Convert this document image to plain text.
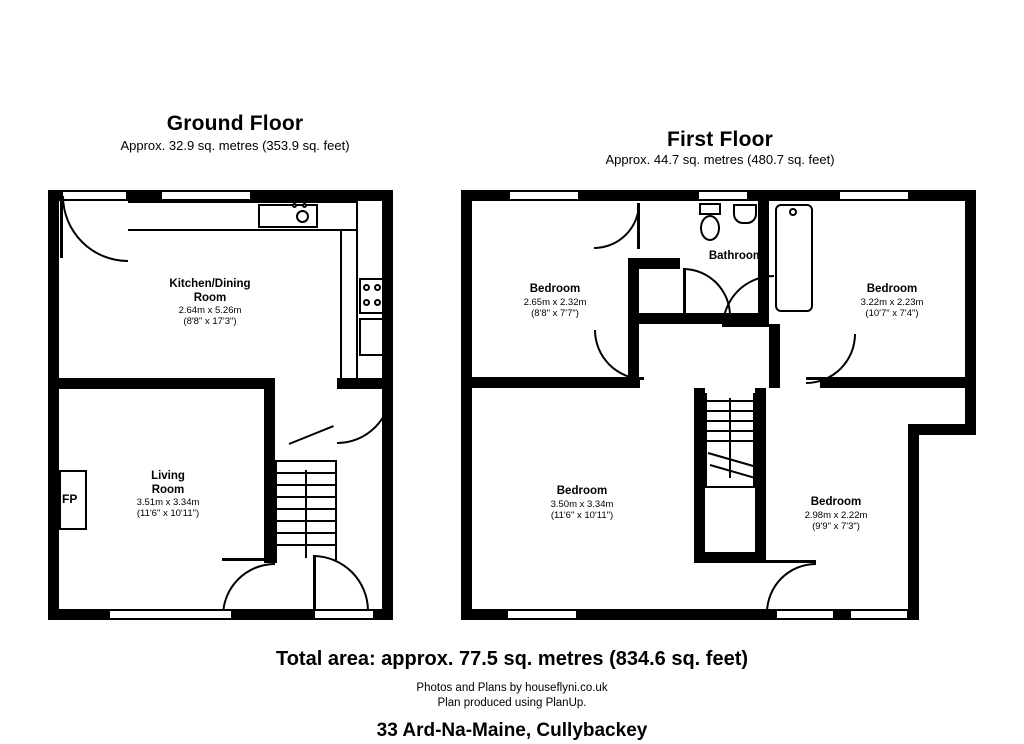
Ground Floor
Approx. 32.9 sq. metres (353.9 sq. feet)	First Floor
Approx. 44.7 sq. metres (480.7 sq. feet)
FP
Kitchen/Dining
Room
2.64m x 5.26m
(8'8" x 17'3")
Living
Room
3.51m x 3.34m
(11'6" x 10'11")
Bathroom
Bedroom
2.65m x 2.32m
(8'8" x 7'7")
Bedroom
3.22m x 2.23m
(10'7" x 7'4")
Bedroom
3.50m x 3.34m
(11'6" x 10'11")
Bedroom
2.98m x 2.22m
(9'9" x 7'3")
Total area: approx. 77.5 sq. metres (834.6 sq. feet)
Photos and Plans by houseflyni.co.uk
Plan produced using PlanUp.
33 Ard-Na-Maine, Cullybackey
